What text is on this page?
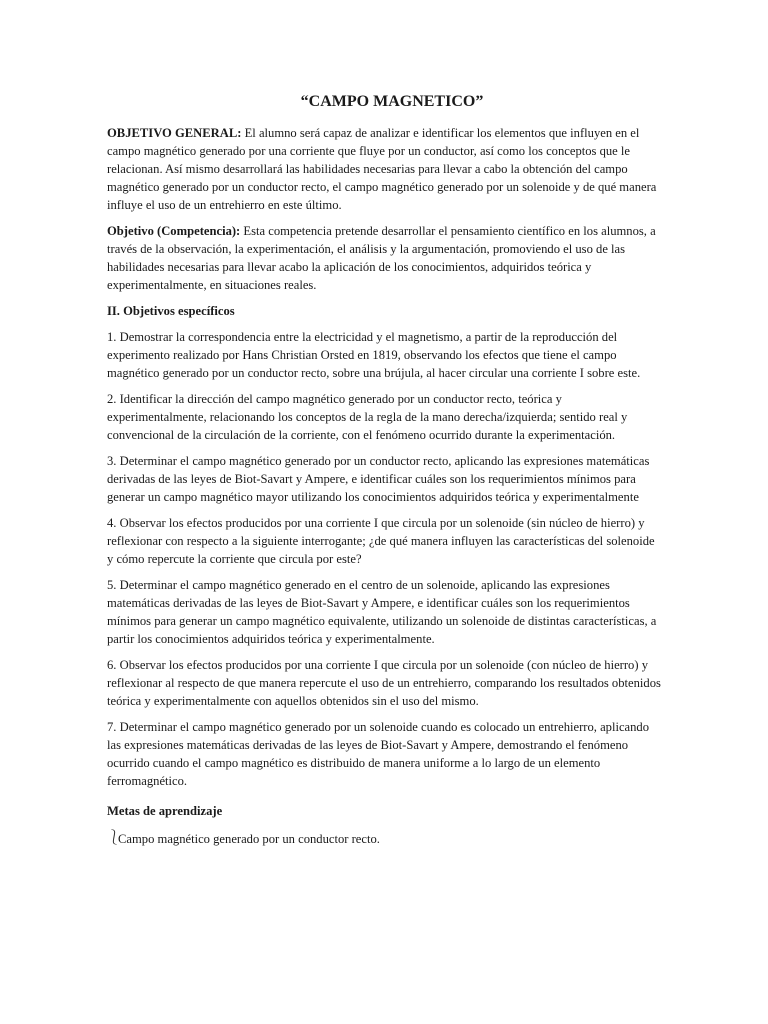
“CAMPO MAGNETICO”

OBJETIVO GENERAL: El alumno será capaz de analizar e identificar los elementos que influyen en el campo magnético generado por una corriente que fluye por un conductor, así como los conceptos que le relacionan. Así mismo desarrollará las habilidades necesarias para llevar a cabo la obtención del campo magnético generado por un conductor recto, el campo magnético generado por un solenoide y de qué manera influye el uso de un entrehierro en este último.

Objetivo (Competencia): Esta competencia pretende desarrollar el pensamiento científico en los alumnos, a través de la observación, la experimentación, el análisis y la argumentación, promoviendo el uso de las habilidades necesarias para llevar acabo la aplicación de los conocimientos, adquiridos teórica y experimentalmente, en situaciones reales.

II. Objetivos específicos

1. Demostrar la correspondencia entre la electricidad y el magnetismo, a partir de la reproducción del experimento realizado por Hans Christian Orsted en 1819, observando los efectos que tiene el campo magnético generado por un conductor recto, sobre una brújula, al hacer circular una corriente I sobre este.

2. Identificar la dirección del campo magnético generado por un conductor recto, teórica y experimentalmente, relacionando los conceptos de la regla de la mano derecha/izquierda; sentido real y convencional de la circulación de la corriente, con el fenómeno ocurrido durante la experimentación.

3. Determinar el campo magnético generado por un conductor recto, aplicando las expresiones matemáticas derivadas de las leyes de Biot-Savart y Ampere, e identificar cuáles son los requerimientos mínimos para generar un campo magnético mayor utilizando los conocimientos adquiridos teórica y experimentalmente

4. Observar los efectos producidos por una corriente I que circula por un solenoide (sin núcleo de hierro) y reflexionar con respecto a la siguiente interrogante; ¿de qué manera influyen las características del solenoide y cómo repercute la corriente que circula por este?

5. Determinar el campo magnético generado en el centro de un solenoide, aplicando las expresiones matemáticas derivadas de las leyes de Biot-Savart y Ampere, e identificar cuáles son los requerimientos mínimos para generar un campo magnético equivalente, utilizando un solenoide de distintas características, a partir los conocimientos adquiridos teórica y experimentalmente.

6. Observar los efectos producidos por una corriente I que circula por un solenoide (con núcleo de hierro) y reflexionar al respecto de que manera repercute el uso de un entrehierro, comparando los resultados obtenidos teórica y experimentalmente con aquellos obtenidos sin el uso del mismo.

7. Determinar el campo magnético generado por un solenoide cuando es colocado un entrehierro, aplicando las expresiones matemáticas derivadas de las leyes de Biot-Savart y Ampere, demostrando el fenómeno ocurrido cuando el campo magnético es distribuido de manera uniforme a lo largo de un elemento ferromagnético.

Metas de aprendizaje
⎱
Campo magnético generado por un conductor recto.
